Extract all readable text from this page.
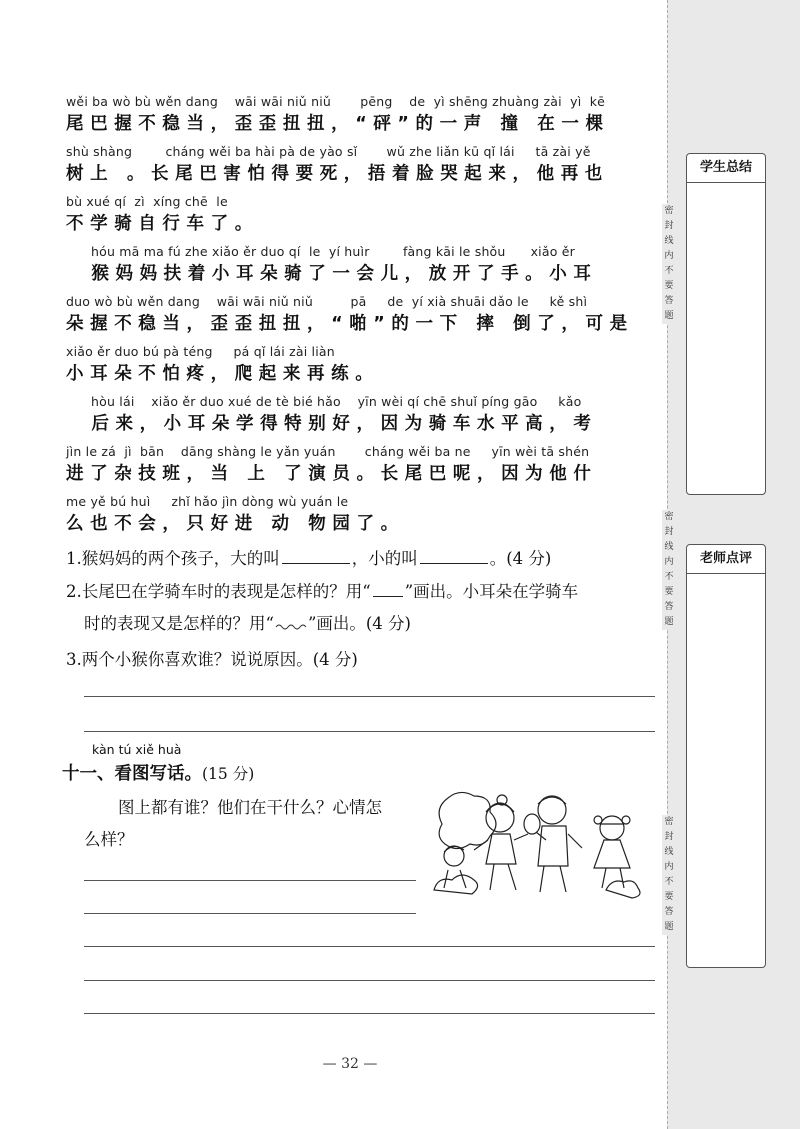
密
封
线
内
不
要
答
题
密
封
线
内
不
要
答
题
密
封
线
内
不
要
答
题
学生总结
老师点评
wěi ba wò bù wěn dang    wāi wāi niǔ niǔ       pēng    de  yì shēng zhuàng zài  yì  kē
尾巴握不稳当，歪歪扭扭，“砰”的一声 撞 在一棵
shù shàng        cháng wěi ba hài pà de yào sǐ       wǔ zhe liǎn kū qǐ lái     tā zài yě
树上 。长尾巴害怕得要死，捂着脸哭起来，他再也
bù xué qí  zì  xíng chē  le
不学骑自行车了。
hóu mā ma fú zhe xiǎo ěr duo qí  le  yí huìr        fàng kāi le shǒu      xiǎo ěr
猴妈妈扶着小耳朵骑了一会儿，放开了手。小耳
duo wò bù wěn dang    wāi wāi niǔ niǔ         pā     de  yí xià shuāi dǎo le     kě shì
朵握不稳当，歪歪扭扭，“啪”的一下 摔 倒了，可是
xiǎo ěr duo bú pà téng     pá qǐ lái zài liàn
小耳朵不怕疼，爬起来再练。
hòu lái    xiǎo ěr duo xué de tè bié hǎo    yīn wèi qí chē shuǐ píng gāo     kǎo
后来，小耳朵学得特别好，因为骑车水平高，考
jìn le zá  jì  bān    dāng shàng le yǎn yuán       cháng wěi ba ne     yīn wèi tā shén
进了杂技班，当 上 了演员。长尾巴呢，因为他什
me yě bú huì     zhǐ hǎo jìn dòng wù yuán le
么也不会，只好进 动 物园了。
1.猴妈妈的两个孩子，大的叫	，小的叫	。(4 分)
2.长尾巴在学骑车时的表现是怎样的？用“ ”画出。小耳朵在学骑车
时的表现又是怎样的？用“ ”画出。(4 分)
3.两个小猴你喜欢谁？说说原因。(4 分)
kàn tú xiě huà
十一、看图写话。(15 分)
图上都有谁？他们在干什么？心情怎
么样？
— 32 —
